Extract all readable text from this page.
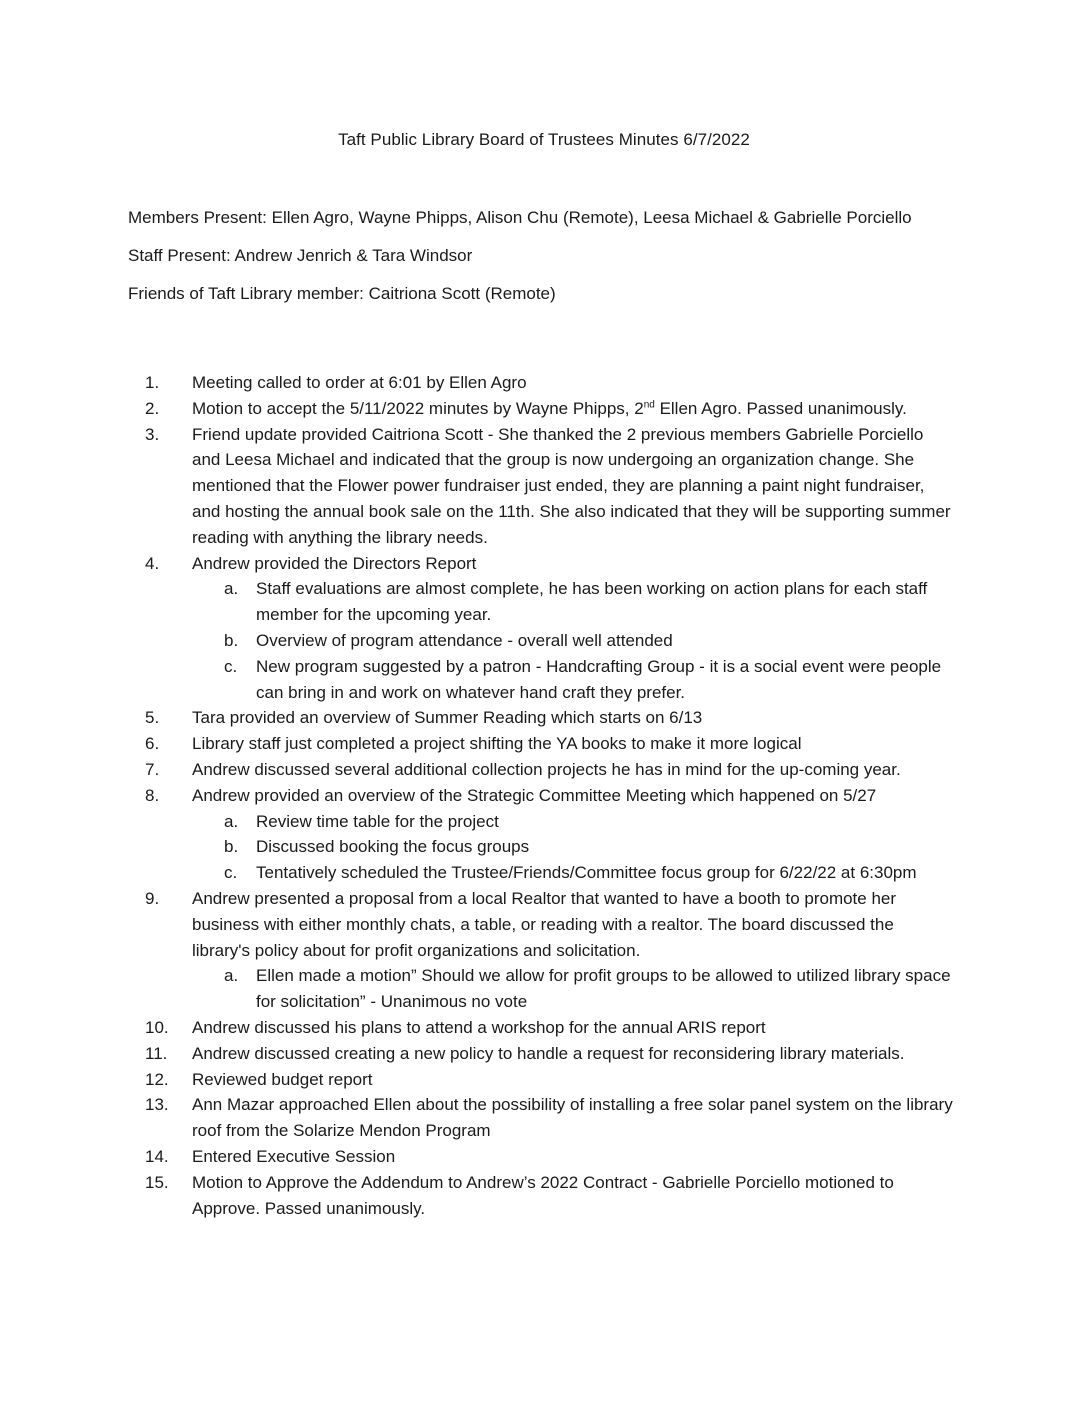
Taft Public Library Board of Trustees Minutes 6/7/2022
Members Present: Ellen Agro, Wayne Phipps, Alison Chu (Remote), Leesa Michael & Gabrielle Porciello
Staff Present: Andrew Jenrich & Tara Windsor
Friends of Taft Library member: Caitriona Scott (Remote)
1.	Meeting called to order at 6:01 by Ellen Agro
2.	Motion to accept the 5/11/2022 minutes by Wayne Phipps, 2nd Ellen Agro. Passed unanimously.
3.	Friend update provided Caitriona Scott - She thanked the 2 previous members Gabrielle Porciello and Leesa Michael and indicated that the group is now undergoing an organization change. She mentioned that the Flower power fundraiser just ended, they are planning a paint night fundraiser, and hosting the annual book sale on the 11th. She also indicated that they will be supporting summer reading with anything the library needs.
4.	Andrew provided the Directors Report
a. Staff evaluations are almost complete, he has been working on action plans for each staff member for the upcoming year.
b. Overview of program attendance - overall well attended
c. New program suggested by a patron - Handcrafting Group - it is a social event were people can bring in and work on whatever hand craft they prefer.
5.	Tara provided an overview of Summer Reading which starts on 6/13
6.	Library staff just completed a project shifting the YA books to make it more logical
7.	Andrew discussed several additional collection projects he has in mind for the up-coming year.
8.	Andrew provided an overview of the Strategic Committee Meeting which happened on 5/27
a. Review time table for the project
b. Discussed booking the focus groups
c. Tentatively scheduled the Trustee/Friends/Committee focus group for 6/22/22 at 6:30pm
9.	Andrew presented a proposal from a local Realtor that wanted to have a booth to promote her business with either monthly chats, a table, or reading with a realtor. The board discussed the library's policy about for profit organizations and solicitation.
a. Ellen made a motion” Should we allow for profit groups to be allowed to utilized library space for solicitation” - Unanimous no vote
10.	Andrew discussed his plans to attend a workshop for the annual ARIS report
11.	Andrew discussed creating a new policy to handle a request for reconsidering library materials.
12.	Reviewed budget report
13.	Ann Mazar approached Ellen about the possibility of installing a free solar panel system on the library roof from the Solarize Mendon Program
14.	Entered Executive Session
15.	Motion to Approve the Addendum to Andrew’s 2022 Contract - Gabrielle Porciello motioned to Approve. Passed unanimously.
